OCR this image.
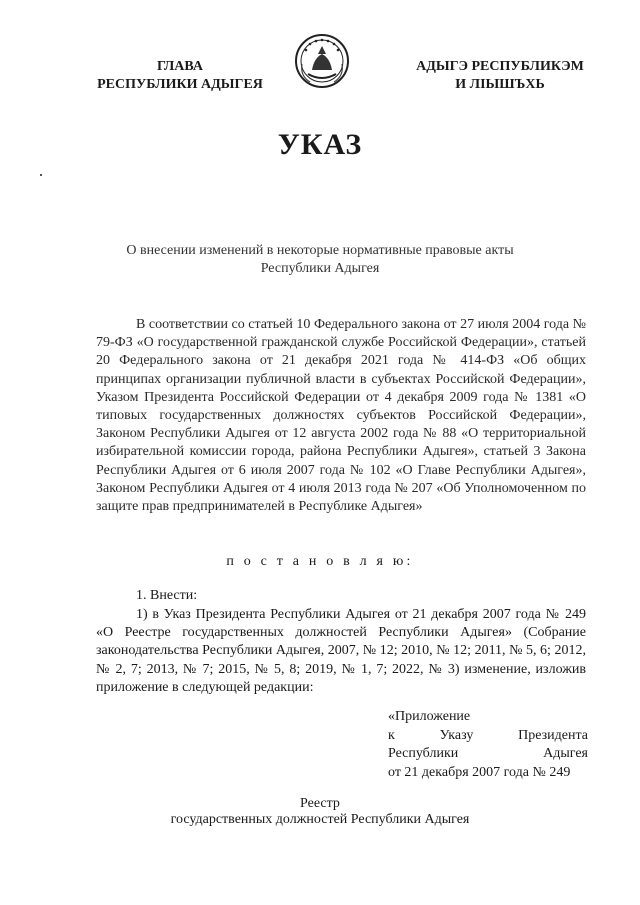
ГЛАВА
РЕСПУБЛИКИ АДЫГЕЯ
АДЫГЭ РЕСПУБЛИКЭМ
И ЛІЫШЪХЬ
УКАЗ
О внесении изменений в некоторые нормативные правовые акты
Республики Адыгея
В соответствии со статьей 10 Федерального закона от 27 июля 2004 года № 79-ФЗ «О государственной гражданской службе Российской Федерации», статьей 20 Федерального закона от 21 декабря 2021 года № 414-ФЗ «Об общих принципах организации публичной власти в субъектах Российской Федерации», Указом Президента Российской Федерации от 4 декабря 2009 года № 1381 «О типовых государственных должностях субъектов Российской Федерации», Законом Республики Адыгея от 12 августа 2002 года № 88 «О территориальной избирательной комиссии города, района Республики Адыгея», статьей 3 Закона Республики Адыгея от 6 июля 2007 года № 102 «О Главе Республики Адыгея», Законом Республики Адыгея от 4 июля 2013 года № 207 «Об Уполномоченном по защите прав предпринимателей в Республике Адыгея»
п о с т а н о в л я ю:
1. Внести:
1) в Указ Президента Республики Адыгея от 21 декабря 2007 года № 249 «О Реестре государственных должностей Республики Адыгея» (Собрание законодательства Республики Адыгея, 2007, № 12; 2010, № 12; 2011, № 5, 6; 2012, № 2, 7; 2013, № 7; 2015, № 5, 8; 2019, № 1, 7; 2022, № 3) изменение, изложив приложение в следующей редакции:
«Приложение
к	Указу	Президента
Республики	Адыгея
от 21 декабря 2007 года № 249
Реестр
государственных должностей Республики Адыгея
